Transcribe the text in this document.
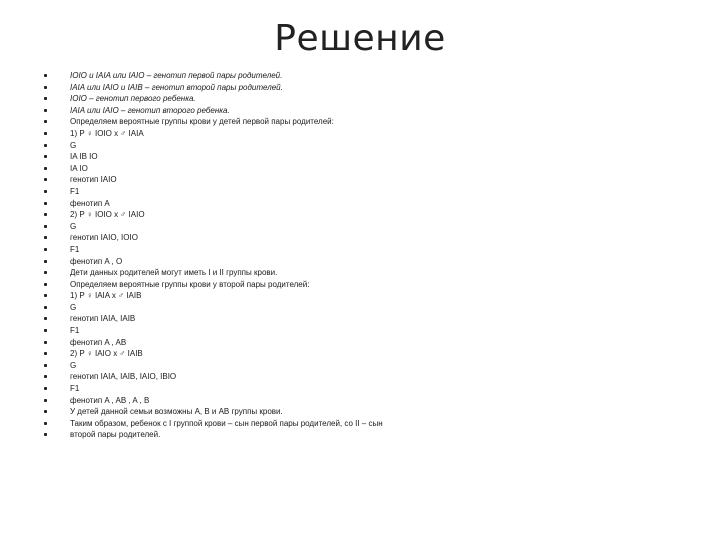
Решение
IOIO и IAIA или IAIO – генотип первой пары родителей.
IAIA или IAIO и IAIB – генотип второй пары родителей.
IOIO – генотип первого ребенка.
IAIA или IAIO – генотип второго ребенка.
Определяем вероятные группы крови у детей первой пары родителей:
1) P ♀ IOIO x ♂ IAIA
G
IA IB IO
IA IO
генотип IAIO
F1
фенотип A
2) P ♀ IOIO x ♂ IAIO
G
генотип IAIO, IOIO
F1
фенотип A , O
Дети данных родителей могут иметь I и II группы крови.
Определяем вероятные группы крови у второй пары родителей:
1) P ♀ IAIA x ♂ IAIB
G
генотип IAIA, IAIB
F1
фенотип A , AB
2) P ♀ IAIO x ♂ IAIB
G
генотип IAIA, IAIB, IAIO, IBIO
F1
фенотип A , AB , A , B
У детей данной семьи возможны A, B и AB группы крови.
Таким образом, ребенок с I группой крови – сын первой пары родителей, со II – сын
второй пары родителей.
